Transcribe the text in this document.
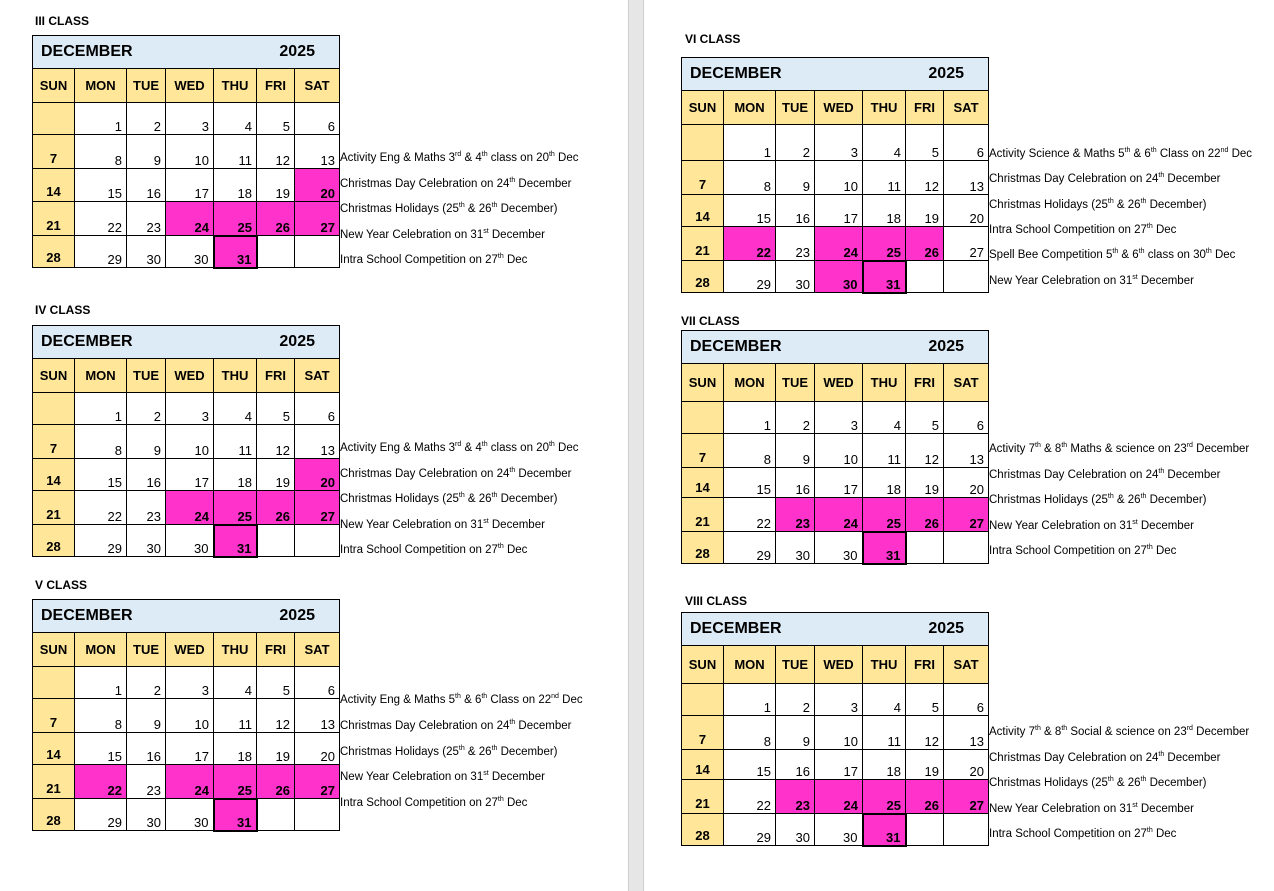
III CLASS
DECEMBER 2025						

SUN	MON	TUE	WED	THU	FRI	SAT
	1	2	3	4	5	6
7	8	9	10	11	12	13
14	15	16	17	18	19	20
21	22	23	24	25	26	27
28	29	30	30	31		
Activity Eng & Maths 3rd & 4th class on 20th Dec
Christmas Day Celebration on 24th December
Christmas Holidays (25th & 26th December)
New Year Celebration on 31st December
Intra School Competition on 27th Dec
IV CLASS
DECEMBER 2025						

SUN	MON	TUE	WED	THU	FRI	SAT
	1	2	3	4	5	6
7	8	9	10	11	12	13
14	15	16	17	18	19	20
21	22	23	24	25	26	27
28	29	30	30	31		
Activity Eng & Maths 3rd & 4th class on 20th Dec
Christmas Day Celebration on 24th December
Christmas Holidays (25th & 26th December)
New Year Celebration on 31st December
Intra School Competition on 27th Dec
V CLASS
DECEMBER 2025						

SUN	MON	TUE	WED	THU	FRI	SAT
	1	2	3	4	5	6
7	8	9	10	11	12	13
14	15	16	17	18	19	20
21	22	23	24	25	26	27
28	29	30	30	31		
Activity Eng & Maths 5th & 6th Class on 22nd Dec
Christmas Day Celebration on 24th December
Christmas Holidays (25th & 26th December)
New Year Celebration on 31st December
Intra School Competition on 27th Dec
VI CLASS
DECEMBER 2025						

SUN	MON	TUE	WED	THU	FRI	SAT
	1	2	3	4	5	6
7	8	9	10	11	12	13
14	15	16	17	18	19	20
21	22	23	24	25	26	27
28	29	30	30	31		
Activity Science & Maths 5th & 6th Class on 22nd Dec
Christmas Day Celebration on 24th December
Christmas Holidays (25th & 26th December)
Intra School Competition on 27th Dec
Spell Bee Competition 5th & 6th class on 30th Dec
New Year Celebration on 31st December
VII CLASS
DECEMBER 2025						

SUN	MON	TUE	WED	THU	FRI	SAT
	1	2	3	4	5	6
7	8	9	10	11	12	13
14	15	16	17	18	19	20
21	22	23	24	25	26	27
28	29	30	30	31		
Activity 7th & 8th Maths & science on 23rd December
Christmas Day Celebration on 24th December
Christmas Holidays (25th & 26th December)
New Year Celebration on 31st December
Intra School Competition on 27th Dec
VIII CLASS
DECEMBER 2025						

SUN	MON	TUE	WED	THU	FRI	SAT
	1	2	3	4	5	6
7	8	9	10	11	12	13
14	15	16	17	18	19	20
21	22	23	24	25	26	27
28	29	30	30	31		
Activity 7th & 8th Social & science on 23rd December
Christmas Day Celebration on 24th December
Christmas Holidays (25th & 26th December)
New Year Celebration on 31st December
Intra School Competition on 27th Dec
